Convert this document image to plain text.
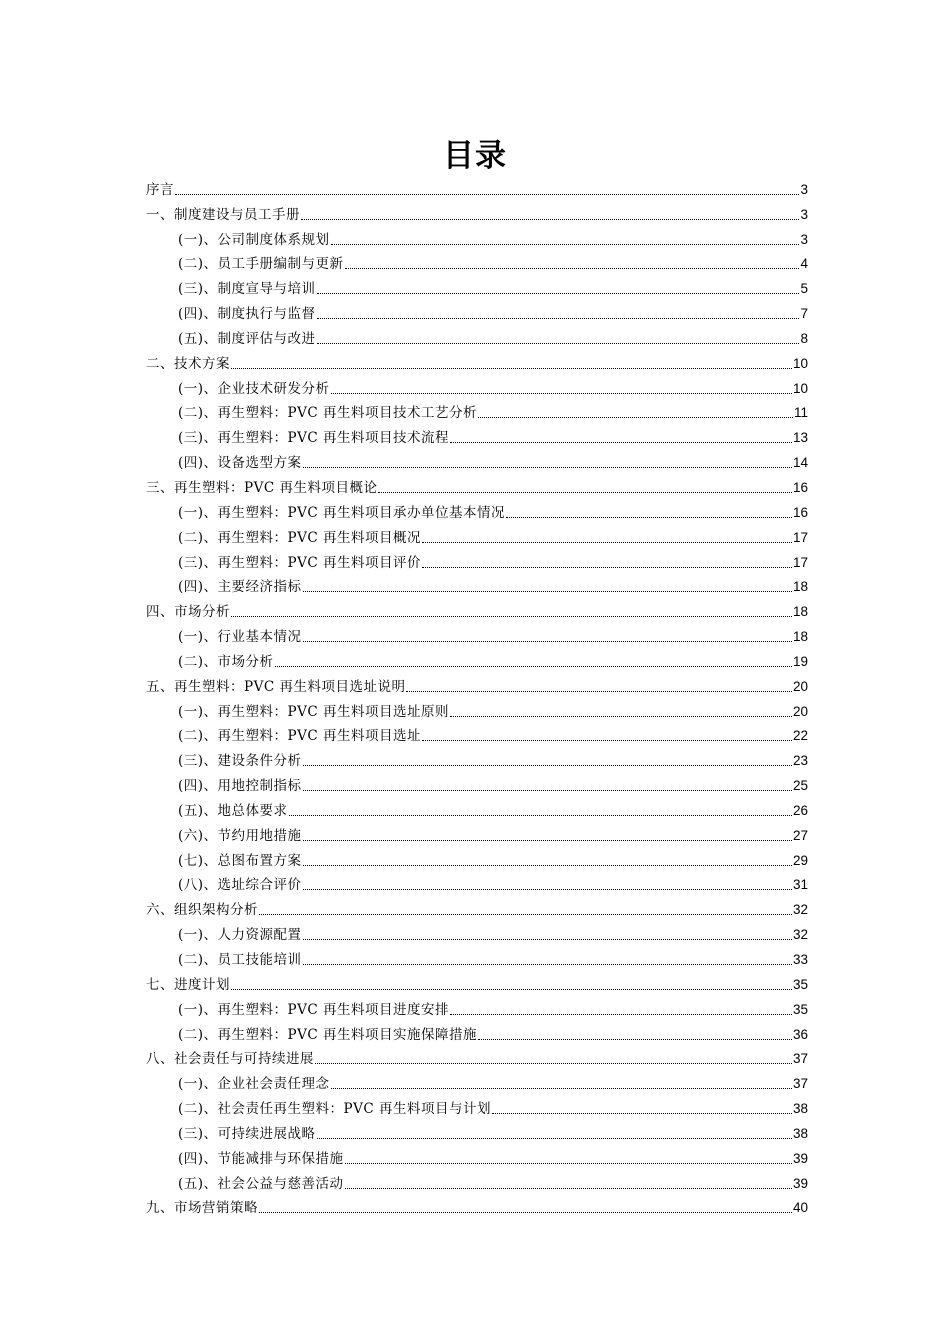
目录
序言	3
一、制度建设与员工手册	3
(一)、公司制度体系规划	3
(二)、员工手册编制与更新	4
(三)、制度宣导与培训	5
(四)、制度执行与监督	7
(五)、制度评估与改进	8
二、技术方案	10
(一)、企业技术研发分析	10
(二)、再生塑料：PVC 再生料项目技术工艺分析	11
(三)、再生塑料：PVC 再生料项目技术流程	13
(四)、设备选型方案	14
三、再生塑料：PVC 再生料项目概论	16
(一)、再生塑料：PVC 再生料项目承办单位基本情况	16
(二)、再生塑料：PVC 再生料项目概况	17
(三)、再生塑料：PVC 再生料项目评价	17
(四)、主要经济指标	18
四、市场分析	18
(一)、行业基本情况	18
(二)、市场分析	19
五、再生塑料：PVC 再生料项目选址说明	20
(一)、再生塑料：PVC 再生料项目选址原则	20
(二)、再生塑料：PVC 再生料项目选址	22
(三)、建设条件分析	23
(四)、用地控制指标	25
(五)、地总体要求	26
(六)、节约用地措施	27
(七)、总图布置方案	29
(八)、选址综合评价	31
六、组织架构分析	32
(一)、人力资源配置	32
(二)、员工技能培训	33
七、进度计划	35
(一)、再生塑料：PVC 再生料项目进度安排	35
(二)、再生塑料：PVC 再生料项目实施保障措施	36
八、社会责任与可持续进展	37
(一)、企业社会责任理念	37
(二)、社会责任再生塑料：PVC 再生料项目与计划	38
(三)、可持续进展战略	38
(四)、节能减排与环保措施	39
(五)、社会公益与慈善活动	39
九、市场营销策略	40
